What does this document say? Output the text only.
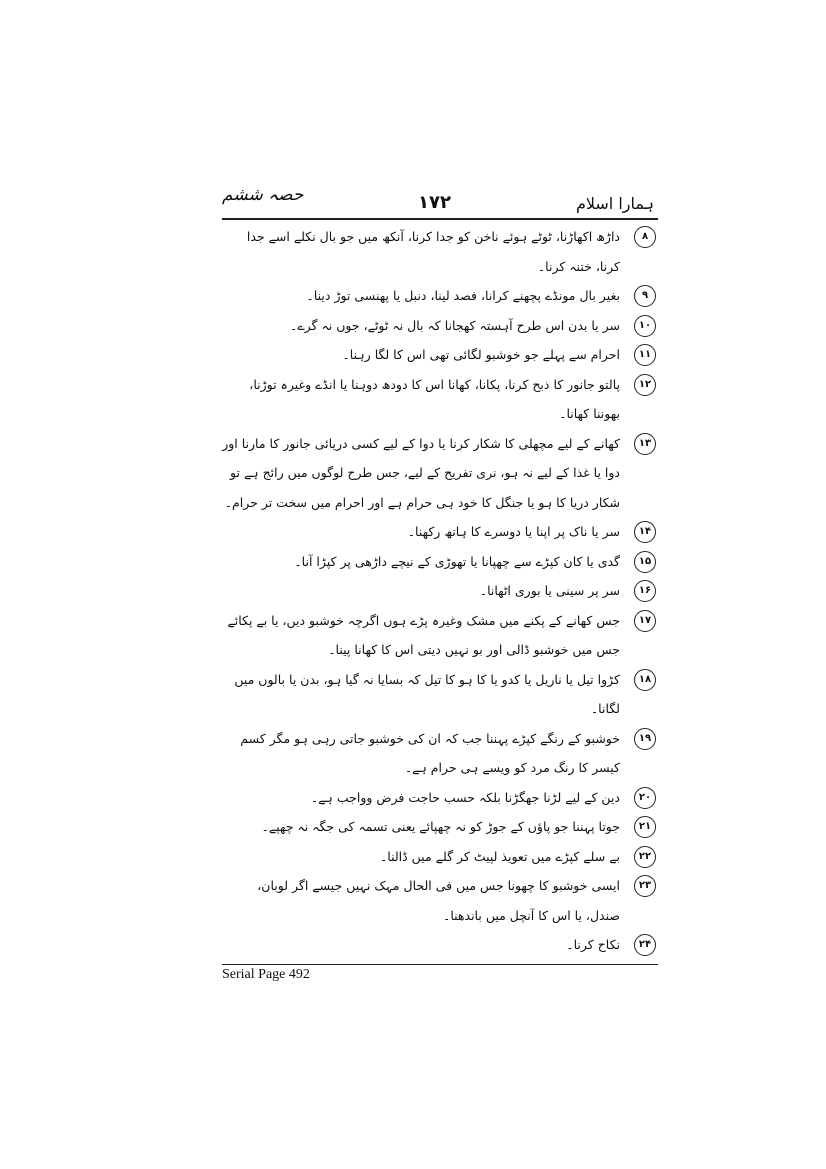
ہمارا اسلام
۱۷۲
حصہ ششم
۸
داڑھ اکھاڑنا، ٹوٹے ہوئے ناخن کو جدا کرنا، آنکھ میں جو بال نکلے اسے جدا کرنا، ختنہ کرنا۔
۹
بغیر بال مونڈے پچھنے کرانا، فصد لینا، دنبل یا پھنسی توڑ دینا۔
۱۰
سر یا بدن اس طرح آہستہ کھجانا کہ بال نہ ٹوٹے، جوں نہ گرے۔
۱۱
احرام سے پہلے جو خوشبو لگائی تھی اس کا لگا رہنا۔
۱۲
پالتو جانور کا ذبح کرنا، پکانا، کھانا اس کا دودھ دوہنا یا انڈے وغیرہ توڑنا، بھوننا کھانا۔
۱۳
کھانے کے لیے مچھلی کا شکار کرنا یا دوا کے لیے کسی دریائی جانور کا مارنا اور دوا یا غذا کے لیے نہ ہو، نری تفریح کے لیے، جس طرح لوگوں میں رائج ہے تو شکار دریا کا ہو یا جنگل کا خود ہی حرام ہے اور احرام میں سخت تر حرام۔
۱۴
سر یا ناک پر اپنا یا دوسرے کا ہاتھ رکھنا۔
۱۵
گدی یا کان کپڑے سے چھپانا یا تھوڑی کے نیچے داڑھی پر کپڑا آنا۔
۱۶
سر پر سینی یا بوری اٹھانا۔
۱۷
جس کھانے کے پکنے میں مشک وغیرہ پڑے ہوں اگرچہ خوشبو دیں، یا بے پکائے جس میں خوشبو ڈالی اور بو نہیں دیتی اس کا کھانا پینا۔
۱۸
کڑوا تیل یا ناریل یا کدو یا کا ہو کا تیل کہ بسایا نہ گیا ہو، بدن یا بالوں میں لگانا۔
۱۹
خوشبو کے رنگے کپڑے پہننا جب کہ ان کی خوشبو جاتی رہی ہو مگر کسم کیسر کا رنگ مرد کو ویسے ہی حرام ہے۔
۲۰
دین کے لیے لڑنا جھگڑنا بلکہ حسب حاجت فرض وواجب ہے۔
۲۱
جوتا پہننا جو پاؤں کے جوڑ کو نہ چھپائے یعنی تسمہ کی جگہ نہ چھپے۔
۲۲
بے سلے کپڑے میں تعویذ لپیٹ کر گلے میں ڈالنا۔
۲۳
ایسی خوشبو کا چھونا جس میں فی الحال مہک نہیں جیسے اگر لوبان، صندل، یا اس کا آنچل میں باندھنا۔
۲۴
نکاح کرنا۔
Serial Page 492
